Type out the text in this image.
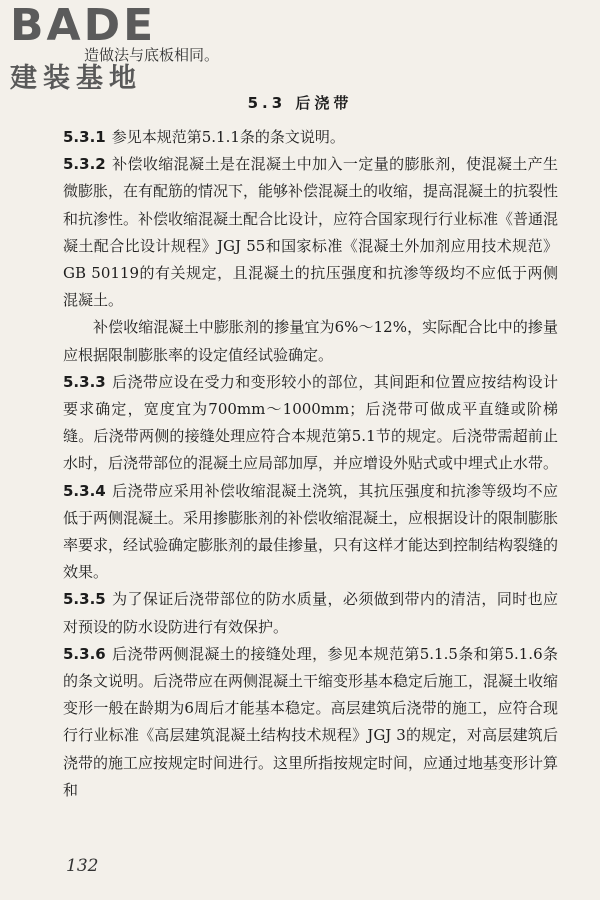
BADE
建装基地
造做法与底板相同。
5.3 后浇带

5.3.1 参见本规范第5.1.1条的条文说明。

5.3.2 补偿收缩混凝土是在混凝土中加入一定量的膨胀剂，使混凝土产生微膨胀，在有配筋的情况下，能够补偿混凝土的收缩，提高混凝土的抗裂性和抗渗性。补偿收缩混凝土配合比设计，应符合国家现行行业标准《普通混凝土配合比设计规程》JGJ 55和国家标准《混凝土外加剂应用技术规范》GB 50119的有关规定，且混凝土的抗压强度和抗渗等级均不应低于两侧混凝土。

补偿收缩混凝土中膨胀剂的掺量宜为6%～12%，实际配合比中的掺量应根据限制膨胀率的设定值经试验确定。

5.3.3 后浇带应设在受力和变形较小的部位，其间距和位置应按结构设计要求确定，宽度宜为700mm～1000mm；后浇带可做成平直缝或阶梯缝。后浇带两侧的接缝处理应符合本规范第5.1节的规定。后浇带需超前止水时，后浇带部位的混凝土应局部加厚，并应增设外贴式或中埋式止水带。

5.3.4 后浇带应采用补偿收缩混凝土浇筑，其抗压强度和抗渗等级均不应低于两侧混凝土。采用掺膨胀剂的补偿收缩混凝土，应根据设计的限制膨胀率要求，经试验确定膨胀剂的最佳掺量，只有这样才能达到控制结构裂缝的效果。

5.3.5 为了保证后浇带部位的防水质量，必须做到带内的清洁，同时也应对预设的防水设防进行有效保护。

5.3.6 后浇带两侧混凝土的接缝处理，参见本规范第5.1.5条和第5.1.6条的条文说明。后浇带应在两侧混凝土干缩变形基本稳定后施工，混凝土收缩变形一般在龄期为6周后才能基本稳定。高层建筑后浇带的施工，应符合现行行业标准《高层建筑混凝土结构技术规程》JGJ 3的规定，对高层建筑后浇带的施工应按规定时间进行。这里所指按规定时间，应通过地基变形计算和

132
